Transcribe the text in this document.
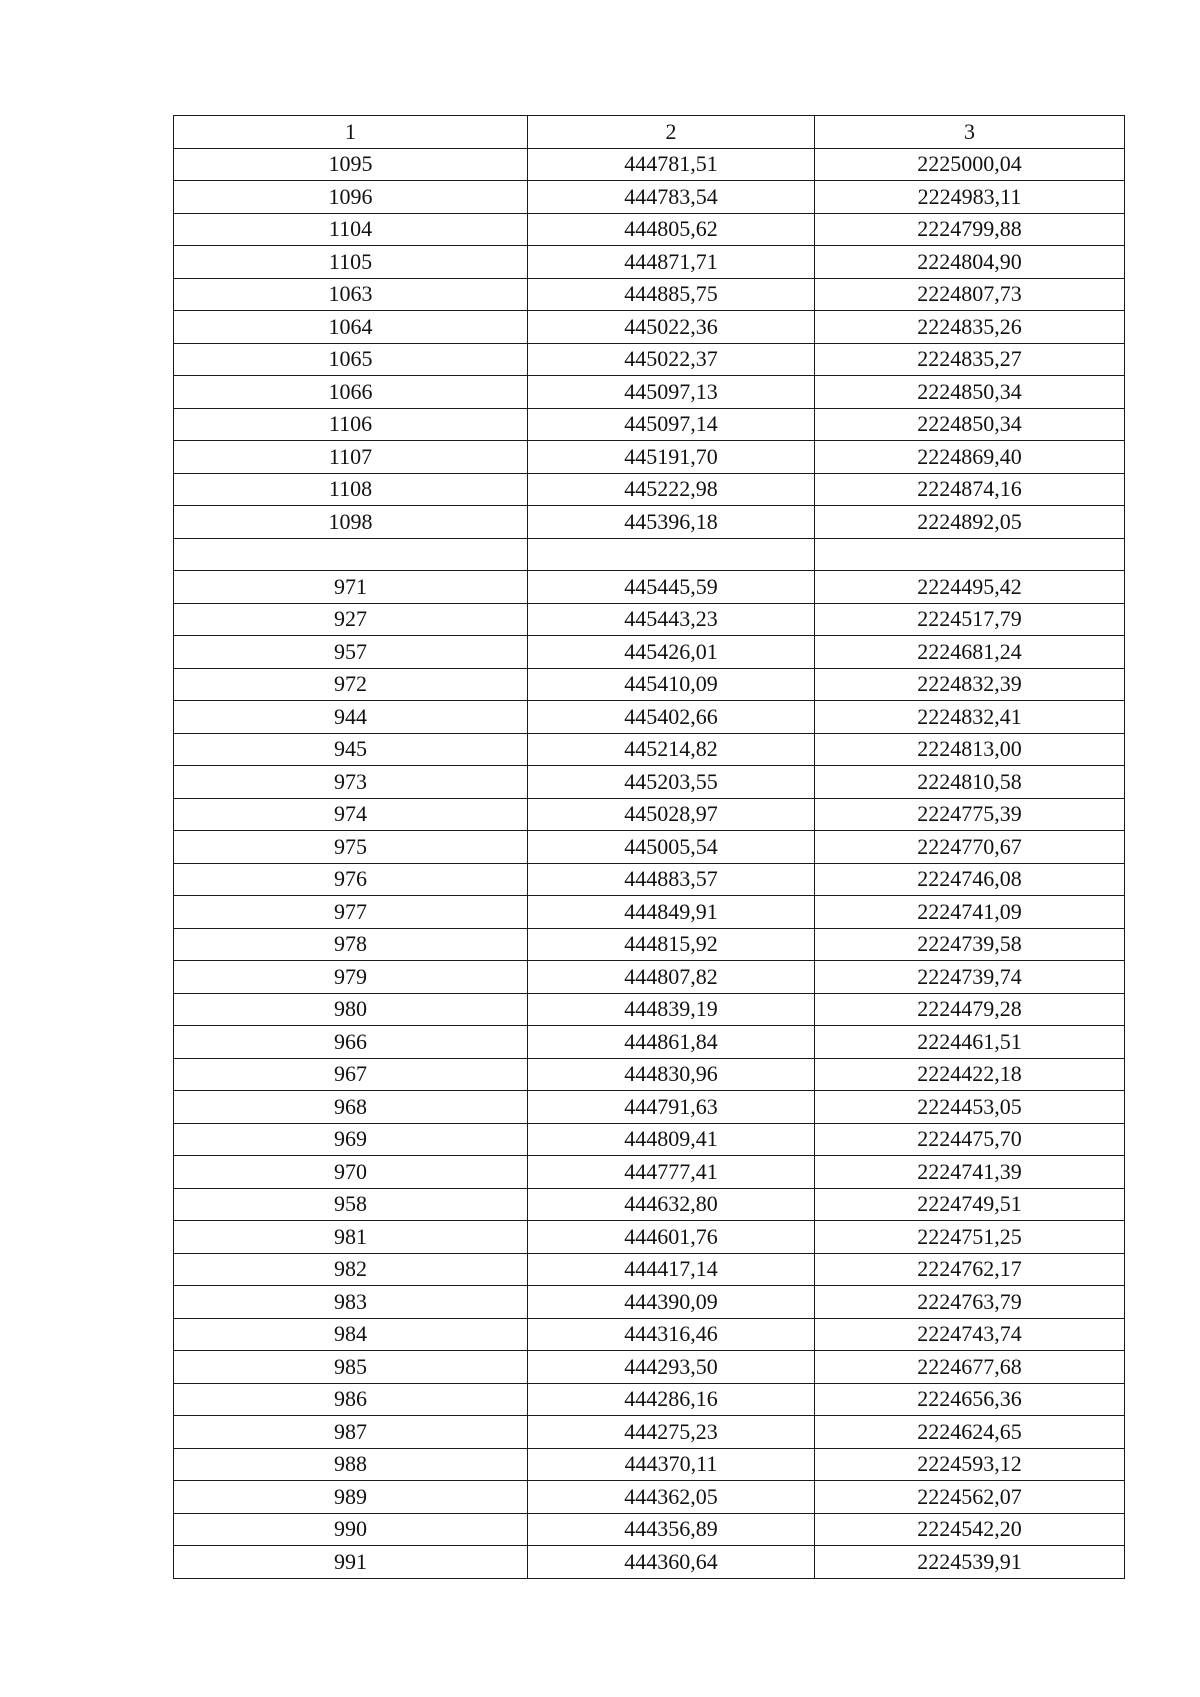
1	2	3
1095	444781,51	2225000,04
1096	444783,54	2224983,11
1104	444805,62	2224799,88
1105	444871,71	2224804,90
1063	444885,75	2224807,73
1064	445022,36	2224835,26
1065	445022,37	2224835,27
1066	445097,13	2224850,34
1106	445097,14	2224850,34
1107	445191,70	2224869,40
1108	445222,98	2224874,16
1098	445396,18	2224892,05

971	445445,59	2224495,42
927	445443,23	2224517,79
957	445426,01	2224681,24
972	445410,09	2224832,39
944	445402,66	2224832,41
945	445214,82	2224813,00
973	445203,55	2224810,58
974	445028,97	2224775,39
975	445005,54	2224770,67
976	444883,57	2224746,08
977	444849,91	2224741,09
978	444815,92	2224739,58
979	444807,82	2224739,74
980	444839,19	2224479,28
966	444861,84	2224461,51
967	444830,96	2224422,18
968	444791,63	2224453,05
969	444809,41	2224475,70
970	444777,41	2224741,39
958	444632,80	2224749,51
981	444601,76	2224751,25
982	444417,14	2224762,17
983	444390,09	2224763,79
984	444316,46	2224743,74
985	444293,50	2224677,68
986	444286,16	2224656,36
987	444275,23	2224624,65
988	444370,11	2224593,12
989	444362,05	2224562,07
990	444356,89	2224542,20
991	444360,64	2224539,91
